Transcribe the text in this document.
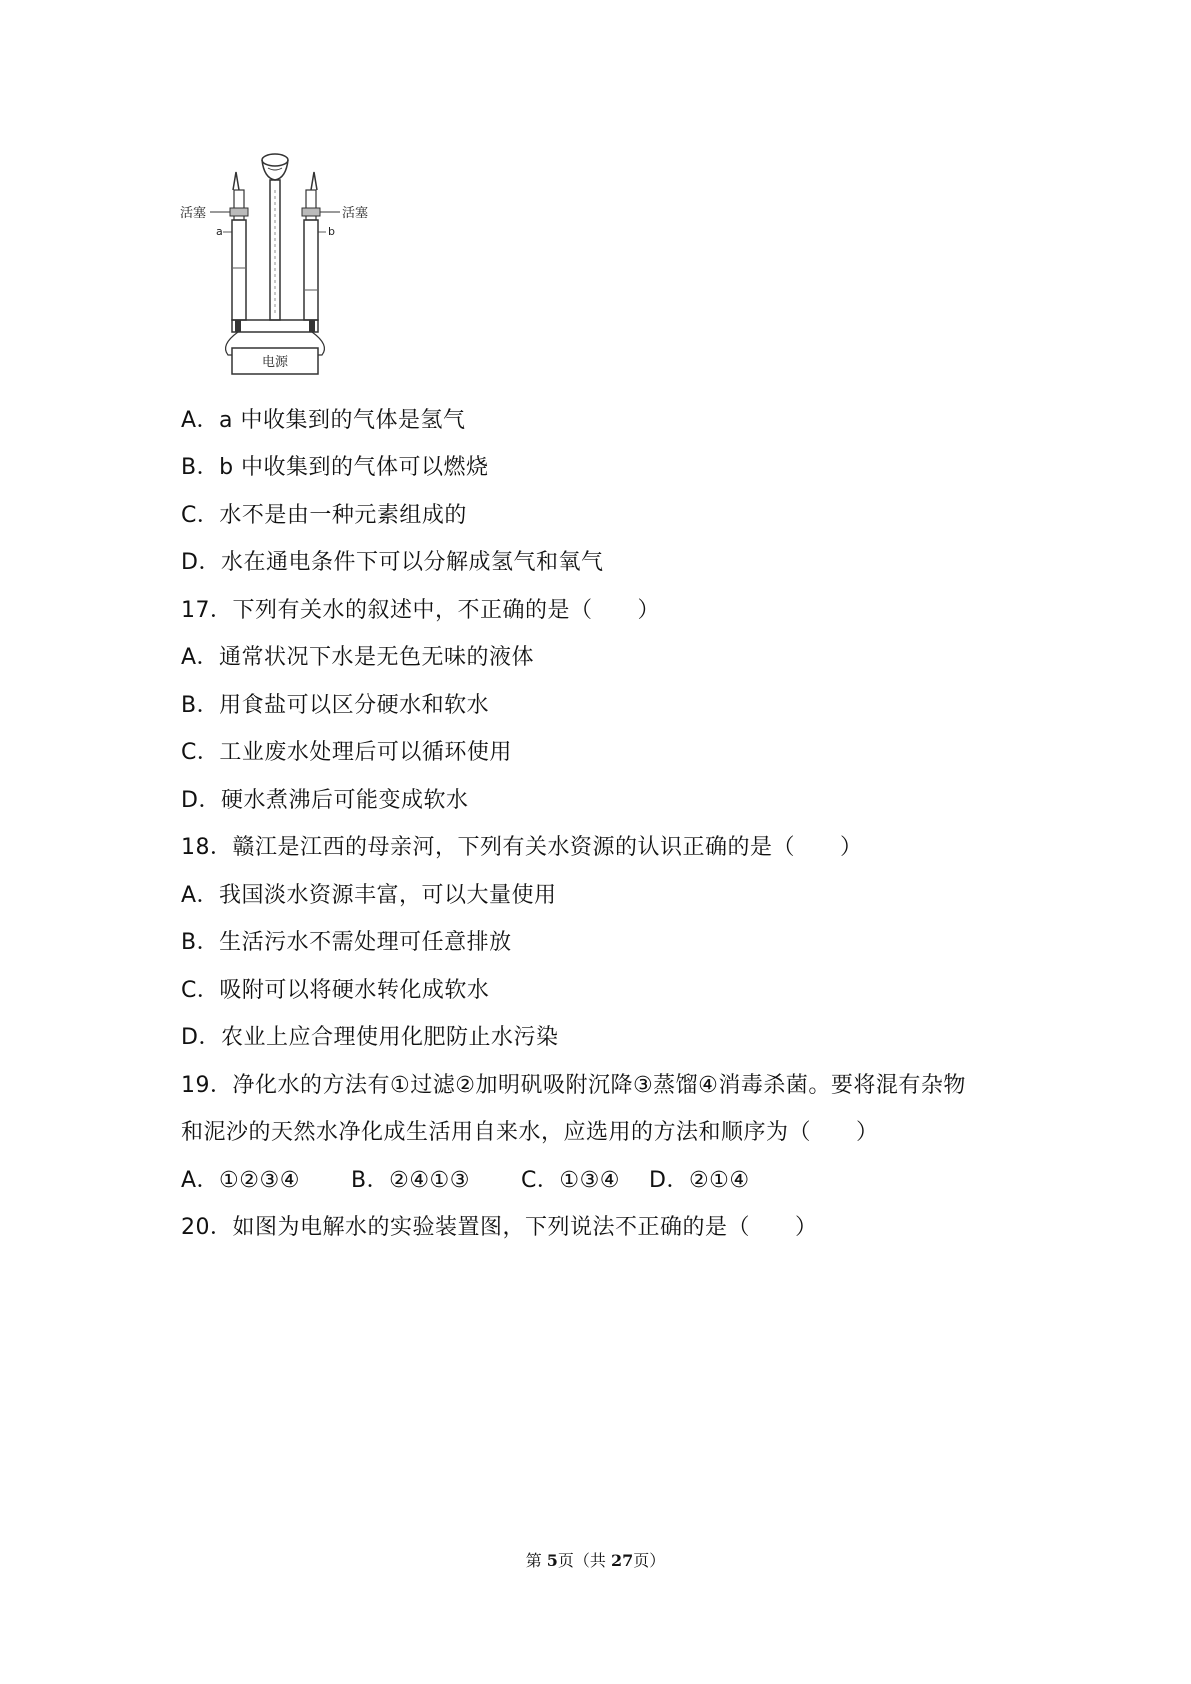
电源
活塞	活塞
a	b
A．a 中收集到的气体是氢气
B．b 中收集到的气体可以燃烧
C．水不是由一种元素组成的
D．水在通电条件下可以分解成氢气和氧气
17．下列有关水的叙述中，不正确的是（　　）
A．通常状况下水是无色无味的液体
B．用食盐可以区分硬水和软水
C．工业废水处理后可以循环使用
D．硬水煮沸后可能变成软水
18．赣江是江西的母亲河，下列有关水资源的认识正确的是（　　）
A．我国淡水资源丰富，可以大量使用
B．生活污水不需处理可任意排放
C．吸附可以将硬水转化成软水
D．农业上应合理使用化肥防止水污染
19．净化水的方法有①过滤②加明矾吸附沉降③蒸馏④消毒杀菌。要将混有杂物
和泥沙的天然水净化成生活用自来水，应选用的方法和顺序为（　　）
A．①②③④	B．②④①③	C．①③④	D．②①④
20．如图为电解水的实验装置图，下列说法不正确的是（　　）
第 5页（共 27页）
